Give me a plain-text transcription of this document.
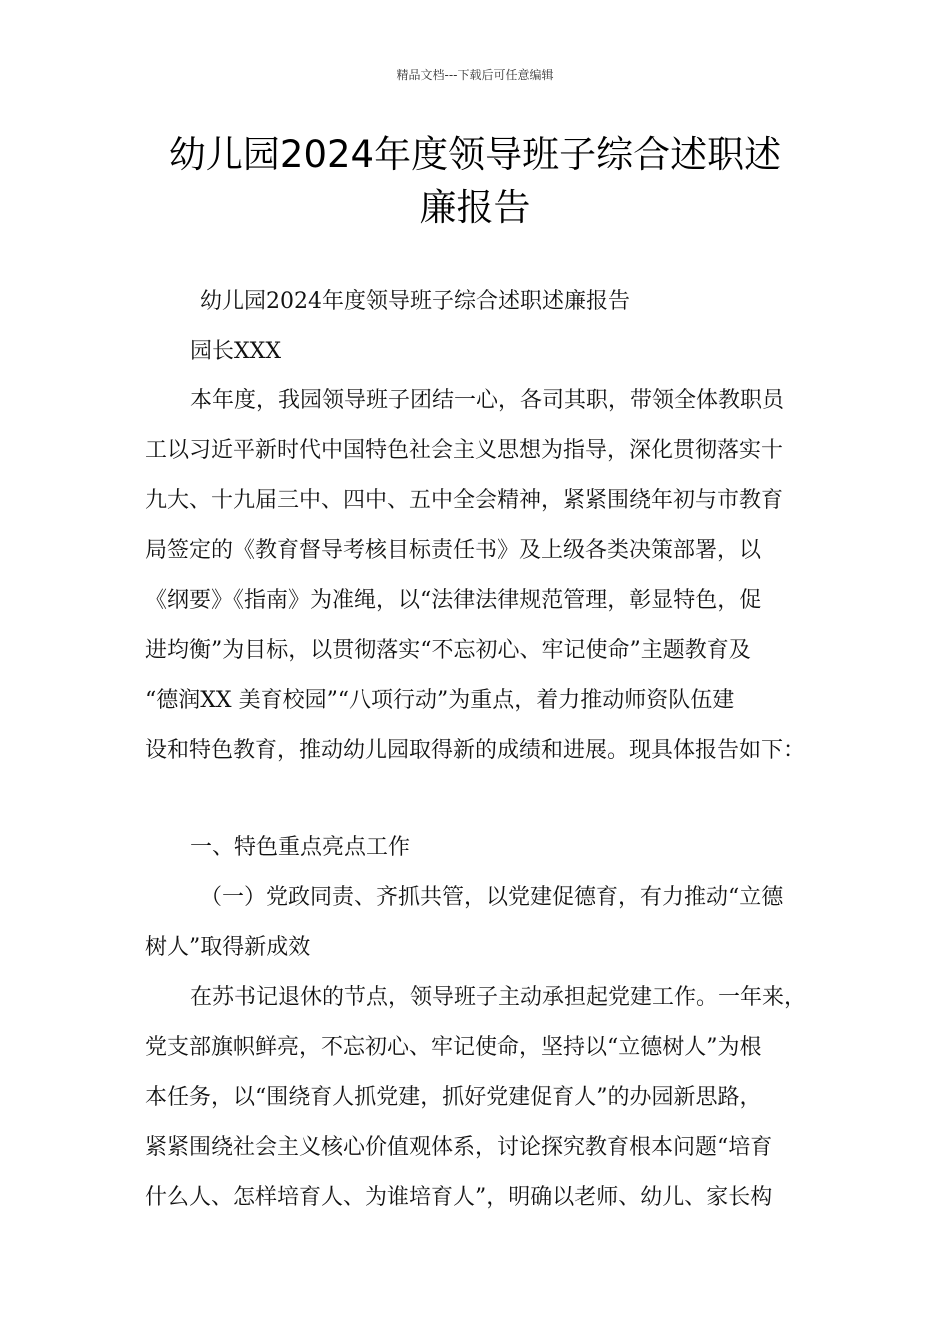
精品文档---下载后可任意编辑
幼儿园2024年度领导班子综合述职述
廉报告
幼儿园2024年度领导班子综合述职述廉报告
园长XXX
本年度，我园领导班子团结一心，各司其职，带领全体教职员
工以习近平新时代中国特色社会主义思想为指导，深化贯彻落实十
九大、十九届三中、四中、五中全会精神，紧紧围绕年初与市教育
局签定的《教育督导考核目标责任书》及上级各类决策部署，以
《纲要》《指南》为准绳，以“法律法律规范管理，彰显特色，促
进均衡”为目标，以贯彻落实“不忘初心、牢记使命”主题教育及
“德润XX 美育校园”“八项行动”为重点，着力推动师资队伍建
设和特色教育，推动幼儿园取得新的成绩和进展。现具体报告如下：
一、特色重点亮点工作
（一）党政同责、齐抓共管，以党建促德育，有力推动“立德
树人”取得新成效
在苏书记退休的节点，领导班子主动承担起党建工作。一年来，
党支部旗帜鲜亮，不忘初心、牢记使命，坚持以“立德树人”为根
本任务，以“围绕育人抓党建，抓好党建促育人”的办园新思路，
紧紧围绕社会主义核心价值观体系，讨论探究教育根本问题“培育
什么人、怎样培育人、为谁培育人”，明确以老师、幼儿、家长构
